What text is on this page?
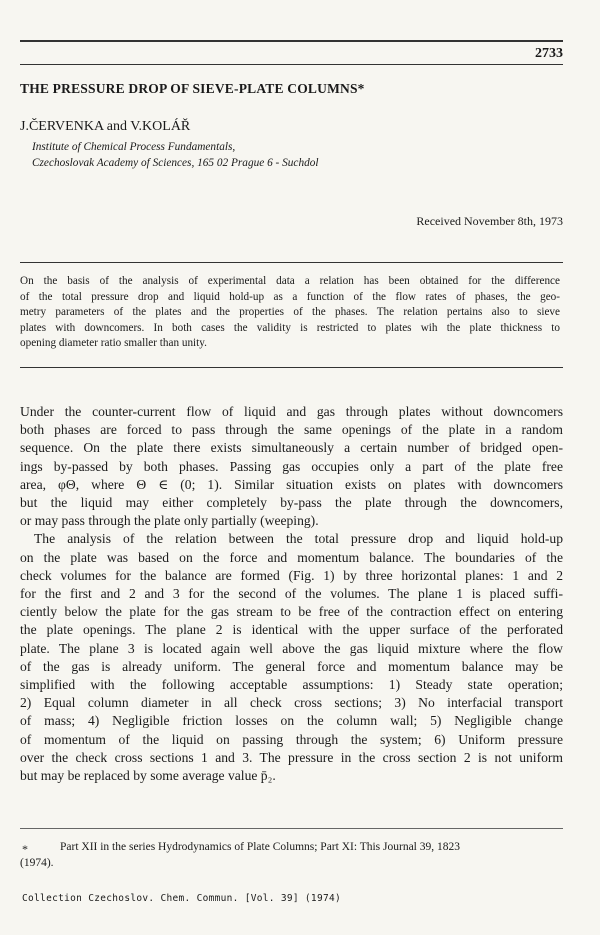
2733
THE PRESSURE DROP OF SIEVE-PLATE COLUMNS*
J.ČERVENKA and V.KOLÁŘ
Institute of Chemical Process Fundamentals,
Czechoslovak Academy of Sciences, 165 02 Prague 6 - Suchdol
Received November 8th, 1973
On the basis of the analysis of experimental data a relation has been obtained for the difference
of the total pressure drop and liquid hold-up as a function of the flow rates of phases, the geo-
metry parameters of the plates and the properties of the phases. The relation pertains also to sieve
plates with downcomers. In both cases the validity is restricted to plates wih the plate thickness to
opening diameter ratio smaller than unity.
Under the counter-current flow of liquid and gas through plates without downcomers
both phases are forced to pass through the same openings of the plate in a random
sequence. On the plate there exists simultaneously a certain number of bridged open-
ings by-passed by both phases. Passing gas occupies only a part of the plate free
area, φΘ, where Θ ∈ (0; 1). Similar situation exists on plates with downcomers
but the liquid may either completely by-pass the plate through the downcomers,
or may pass through the plate only partially (weeping).
The analysis of the relation between the total pressure drop and liquid hold-up
on the plate was based on the force and momentum balance. The boundaries of the
check volumes for the balance are formed (Fig. 1) by three horizontal planes: 1 and 2
for the first and 2 and 3 for the second of the volumes. The plane 1 is placed suffi-
ciently below the plate for the gas stream to be free of the contraction effect on entering
the plate openings. The plane 2 is identical with the upper surface of the perforated
plate. The plane 3 is located again well above the gas liquid mixture where the flow
of the gas is already uniform. The general force and momentum balance may be
simplified with the following acceptable assumptions: 1) Steady state operation;
2) Equal column diameter in all check cross sections; 3) No interfacial transport
of mass; 4) Negligible friction losses on the column wall; 5) Negligible change
of momentum of the liquid on passing through the system; 6) Uniform pressure
over the check cross sections 1 and 3. The pressure in the cross section 2 is not uniform
but may be replaced by some average value p̄₂.
*	Part XII in the series Hydrodynamics of Plate Columns; Part XI: This Journal 39, 1823
(1974).
Collection Czechoslov. Chem. Commun. [Vol. 39] (1974)
